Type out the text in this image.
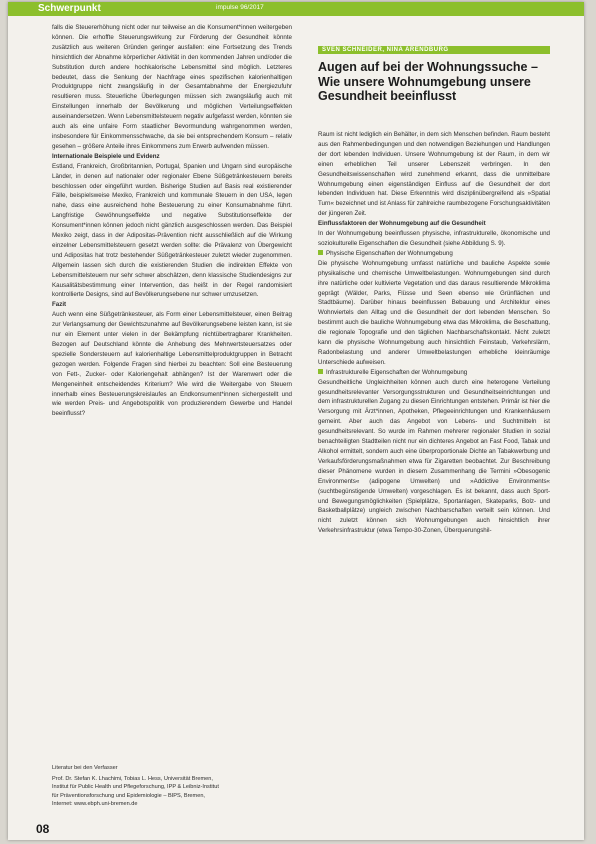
Schwerpunkt	impulse 96/2017

falls die Steuererhöhung nicht oder nur teilweise an die Konsument*innen weitergeben können. Die erhoffte Steuerungswirkung zur Förderung der Gesundheit könnte zusätzlich aus weiteren Gründen geringer ausfallen: eine Fortsetzung des Trends hinsichtlich der Abnahme körperlicher Aktivität in den kommenden Jahren und/oder die Substitution durch andere hochkalorische Lebensmittel sind möglich. Letzteres bedeutet, dass die Senkung der Nachfrage eines spezifischen kalorienhaltigen Produktgruppe nicht zwangsläufig in der Gesamtabnahme der Energiezufuhr resultieren muss. Steuerliche Überlegungen müssen sich zwangsläufig auch mit Einstellungen innerhalb der Bevölkerung und möglichen Verteilungseffekten auseinandersetzen. Wenn Lebensmittelsteuern negativ aufgefasst werden, könnten sie auch als eine unfaire Form staatlicher Bevormundung wahrgenommen werden, insbesondere für Einkommensschwache, da sie bei entsprechendem Konsum – relativ gesehen – größere Anteile ihres Einkommens zum Erwerb aufwenden müssen.

Internationale Beispiele und Evidenz

Estland, Frankreich, Großbritannien, Portugal, Spanien und Ungarn sind europäische Länder, in denen auf nationaler oder regionaler Ebene Süßgetränkesteuern bereits beschlossen oder eingeführt wurden. Bisherige Studien auf Basis real existierender Fälle, beispielsweise Mexiko, Frankreich und kommunale Steuern in den USA, legen nahe, dass eine ausreichend hohe Besteuerung zu einer Konsumabnahme führt. Langfristige Gewöhnungseffekte und negative Substitutionseffekte der Konsument*innen können jedoch nicht gänzlich ausgeschlossen werden. Das Beispiel Mexiko zeigt, dass in der Adipositas-Prävention nicht ausschließlich auf die Wirkung einzelner Lebensmittelsteuern gesetzt werden sollte: die Prävalenz von Übergewicht und Adipositas hat trotz bestehender Süßgetränkesteuer zuletzt wieder zugenommen. Allgemein lassen sich durch die existierenden Studien die indirekten Effekte von Lebensmittelsteuern nur sehr schwer abschätzen, denn klassische Studiendesigns zur Kausalitätsbestimmung einer Intervention, das heißt in der Regel randomisiert kontrollierte Designs, sind auf Bevölkerungsebene nur schwer umzusetzen.

Fazit

Auch wenn eine Süßgetränkesteuer, als Form einer Lebensmittelsteuer, einen Beitrag zur Verlangsamung der Gewichtszunahme auf Bevölkerungsebene leisten kann, ist sie nur ein Element unter vielen in der Bekämpfung nichtübertragbarer Krankheiten. Bezogen auf Deutschland könnte die Anhebung des Mehrwertsteuersatzes oder spezielle Sondersteuern auf kalorienhaltige Lebensmittelproduktgruppen in Betracht gezogen werden. Folgende Fragen sind hierbei zu beachten: Soll eine Besteuerung von Fett-, Zucker- oder Kaloriengehalt abhängen? Ist der Warenwert oder die Mengeneinheit entscheidendes Kriterium? Wie wird die Weitergabe von Steuern innerhalb eines Besteuerungskreislaufes an Endkonsument*innen sichergestellt und wie werden Preis- und Angebotspolitik von produzierendem Gewerbe und Handel beeinflusst?

Literatur bei den Verfasser

Prof. Dr. Stefan K. Lhachimi, Tobias L. Hess, Universität Bremen,

Institut für Public Health und Pflegeforschung, IPP & Leibniz-Institut

für Präventionsforschung und Epidemiologie – BIPS, Bremen,

Internet: www.ebph.uni-bremen.de

SVEN SCHNEIDER, NINA ARENDBURG
Augen auf bei der Wohnungssuche – Wie unsere Wohnumgebung unsere Gesundheit beeinflusst

Raum ist nicht lediglich ein Behälter, in dem sich Menschen befinden. Raum besteht aus den Rahmenbedingungen und den notwendigen Beziehungen und Handlungen der dort lebenden Individuen. Unsere Wohnumgebung ist der Raum, in dem wir einen erheblichen Teil unserer Lebenszeit verbringen. In den Gesundheitswissenschaften wird zunehmend erkannt, dass die unmittelbare Wohnumgebung einen eigenständigen Einfluss auf die Gesundheit der dort lebenden Individuen hat. Diese Erkenntnis wird disziplinübergreifend als »Spatial Turn« bezeichnet und ist Anlass für zahlreiche raumbezogene Forschungsaktivitäten der jüngeren Zeit.

Einflussfaktoren der Wohnumgebung auf die Gesundheit

In der Wohnumgebung beeinflussen physische, infrastrukturelle, ökonomische und soziokulturelle Eigenschaften die Gesundheit (siehe Abbildung S. 9).

Physische Eigenschaften der Wohnumgebung

Die physische Wohnumgebung umfasst natürliche und bauliche Aspekte sowie physikalische und chemische Umweltbelastungen. Wohnumgebungen sind durch ihre natürliche oder kultivierte Vegetation und das daraus resultierende Mikroklima geprägt (Wälder, Parks, Flüsse und Seen ebenso wie Grünflächen und Stadtbäume). Darüber hinaus beeinflussen Bebauung und Architektur eines Wohnviertels den Alltag und die Gesundheit der dort lebenden Menschen. So bestimmt auch die bauliche Wohnumgebung etwa das Mikroklima, die Beschattung, die regionale Topografie und den täglichen Nachbarschaftskontakt. Nicht zuletzt kann die physische Wohnumgebung auch hinsichtlich Feinstaub, Verkehrslärm, Radonbelastung und anderer Umweltbelastungen erhebliche kleinräumige Unterschiede aufweisen.

Infrastrukturelle Eigenschaften der Wohnumgebung

Gesundheitliche Ungleichheiten können auch durch eine heterogene Verteilung gesundheitsrelevanter Versorgungsstrukturen und Gesundheitseinrichtungen und dem infrastrukturellen Zugang zu diesen Einrichtungen entstehen. Primär ist hier die Versorgung mit Ärzt*innen, Apotheken, Pflegeeinrichtungen und Krankenhäusern gemeint. Aber auch das Angebot von Lebens- und Suchtmitteln ist gesundheitsrelevant. So wurde im Rahmen mehrerer regionaler Studien in sozial benachteiligten Stadtteilen nicht nur ein dichteres Angebot an Fast Food, Tabak und Alkohol ermittelt, sondern auch eine überproportionale Dichte an Tabakwerbung und Verkaufsförderungsmaßnahmen etwa für Zigaretten beobachtet. Zur Beschreibung dieser Phänomene wurden in diesem Zusammenhang die Termini »Obesogenic Environments« (adipogene Umwelten) und »Addictive Environments« (suchtbegünstigende Umwelten) vorgeschlagen. Es ist bekannt, dass auch Sport- und Bewegungsmöglichkeiten (Spielplätze, Sportanlagen, Skateparks, Bolz- und Basketballplätze) ungleich zwischen Nachbarschaften verteilt sein können. Und nicht zuletzt können sich Wohnumgebungen auch hinsichtlich ihrer Verkehrsinfrastruktur (etwa Tempo-30-Zonen, Überquerungshil-

08
